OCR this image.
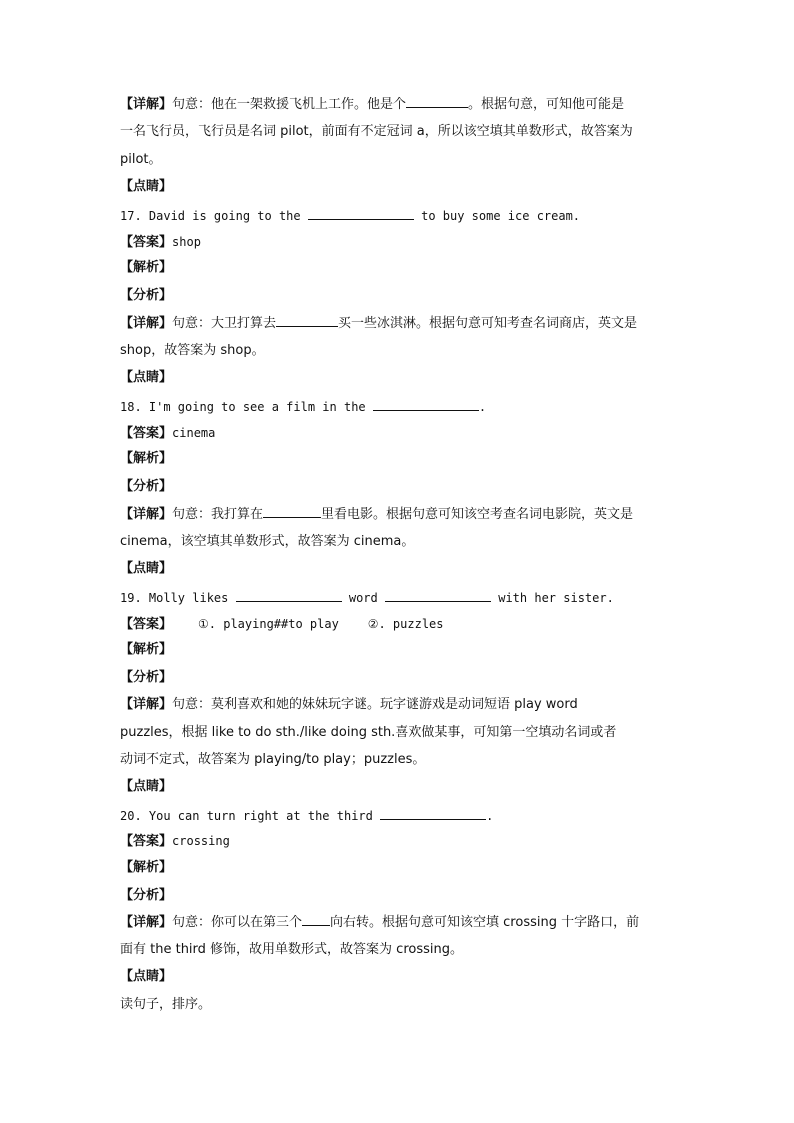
【详解】句意：他在一架救援飞机上工作。他是个	。根据句意，可知他可能是
一名飞行员，飞行员是名词 pilot，前面有不定冠词 a，所以该空填其单数形式，故答案为
pilot。
【点睛】
17. David is going to the	to buy some ice cream.
【答案】shop
【解析】
【分析】
【详解】句意：大卫打算去	买一些冰淇淋。根据句意可知考查名词商店，英文是
shop，故答案为 shop。
【点睛】
18. I'm going to see a film in the	.
【答案】cinema
【解析】
【分析】
【详解】句意：我打算在	里看电影。根据句意可知该空考查名词电影院，英文是
cinema，该空填其单数形式，故答案为 cinema。
【点睛】
19. Molly likes	word	with her sister.
【答案】 ①. playing##to play    ②. puzzles
【解析】
【分析】
【详解】句意：莫利喜欢和她的妹妹玩字谜。玩字谜游戏是动词短语 play word
puzzles，根据 like to do sth./like doing sth.喜欢做某事，可知第一空填动名词或者
动词不定式，故答案为 playing/to play；puzzles。
【点睛】
20. You can turn right at the third	.
【答案】crossing
【解析】
【分析】
【详解】句意：你可以在第三个 向右转。根据句意可知该空填 crossing 十字路口，前
面有 the third 修饰，故用单数形式，故答案为 crossing。
【点睛】
读句子，排序。
